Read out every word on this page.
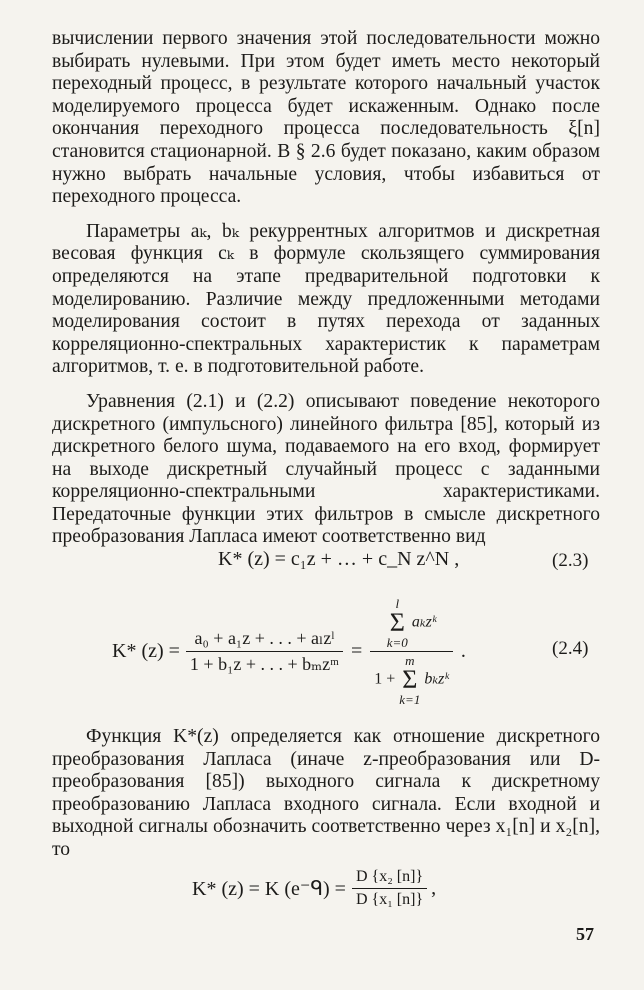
вычислении первого значения этой последовательности можно выбирать нулевыми. При этом будет иметь место некоторый переходный процесс, в результате которого начальный участок моделируемого процесса будет искаженным. Однако после окончания переходного процесса последовательность ξ[n] становится стационарной. В § 2.6 будет показано, каким образом нужно выбрать начальные условия, чтобы избавиться от переходного процесса.

Параметры aₖ, bₖ рекуррентных алгоритмов и дискретная весовая функция cₖ в формуле скользящего суммирования определяются на этапе предварительной подготовки к моделированию. Различие между предложенными методами моделирования состоит в путях перехода от заданных корреляционно-спектральных характеристик к параметрам алгоритмов, т. е. в подготовительной работе.

Уравнения (2.1) и (2.2) описывают поведение некоторого дискретного (импульсного) линейного фильтра [85], который из дискретного белого шума, подаваемого на его вход, формирует на выходе дискретный случайный процесс с заданными корреляционно-спектральными характеристиками. Передаточные функции этих фильтров в смысле дискретного преобразования Лапласа имеют соответственно вид

K* (z) = c₁z + … + c_N z^N ,	(2.3)
K* $(z) = \frac{\text{a₀ + a₁z + . . . + aₗzˡ}}{\text{1 + b₁z + . . . + bₘzᵐ}} = l$
Σ
k=0
aₖzᵏ
1 +
m
Σ
k=1
bₖzᵏ .	(2.4)

Функция K*(z) определяется как отношение дискретного преобразования Лапласа (иначе z-преобразования или D-преобразования [85]) выходного сигнала к дискретному преобразованию Лапласа входного сигнала. Если входной и выходной сигналы обозначить соответственно через x₁[n] и x₂[n], то

K* (z) = K (e⁻ᑫ) = $\frac{\text{D \{x₂ [n]\}}}{\text{D \{x₁ [n]\}}}$ ,
57
